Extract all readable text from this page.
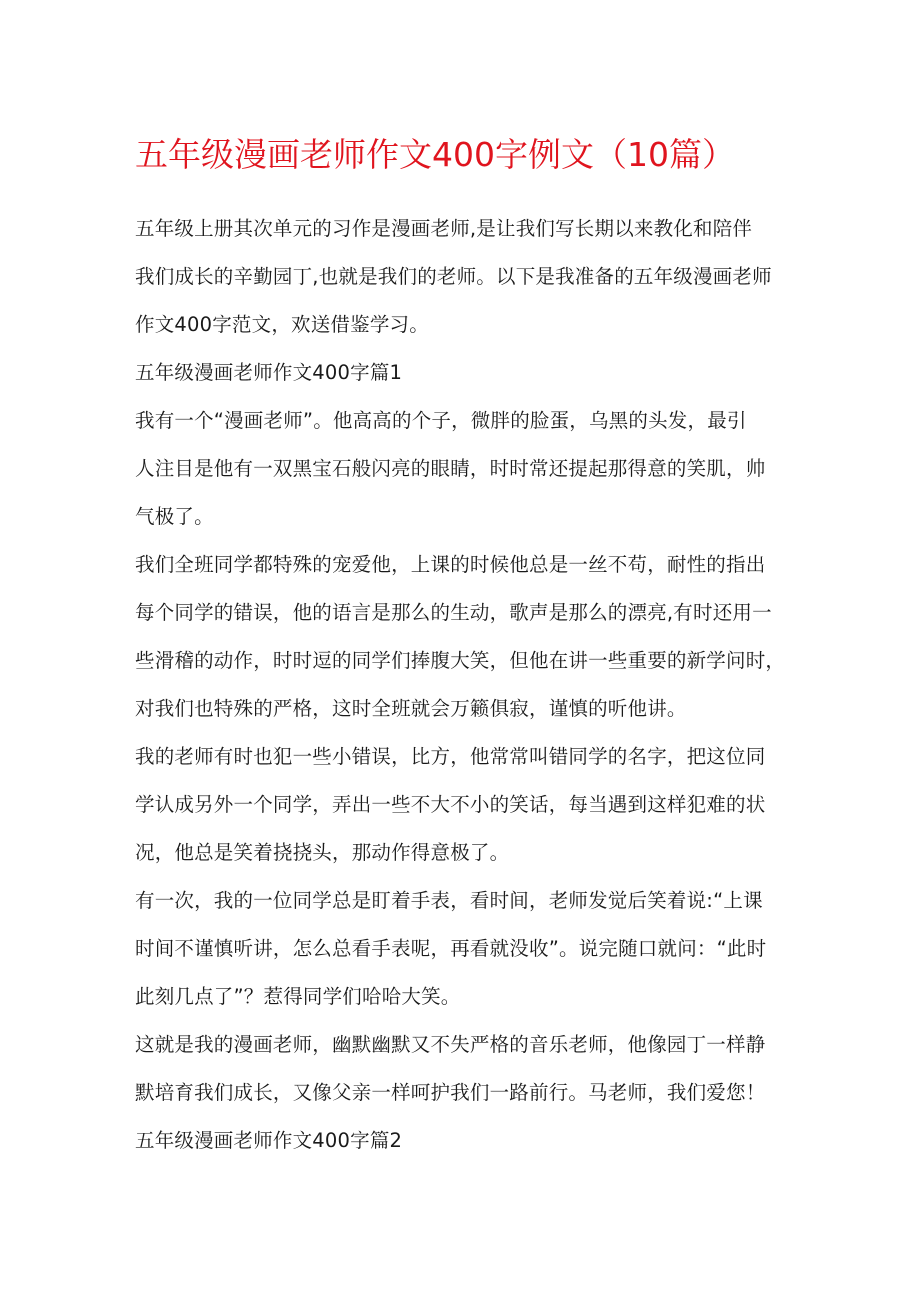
五年级漫画老师作文400字例文（10篇）
五年级上册其次单元的习作是漫画老师,是让我们写长期以来教化和陪伴
我们成长的辛勤园丁,也就是我们的老师。以下是我准备的五年级漫画老师
作文400字范文，欢送借鉴学习。
五年级漫画老师作文400字篇1
我有一个“漫画老师”。他高高的个子，微胖的脸蛋，乌黑的头发，最引
人注目是他有一双黑宝石般闪亮的眼睛，时时常还提起那得意的笑肌，帅
气极了。
我们全班同学都特殊的宠爱他，上课的时候他总是一丝不苟，耐性的指出
每个同学的错误，他的语言是那么的生动，歌声是那么的漂亮,有时还用一
些滑稽的动作，时时逗的同学们捧腹大笑，但他在讲一些重要的新学问时，
对我们也特殊的严格，这时全班就会万籁俱寂，谨慎的听他讲。
我的老师有时也犯一些小错误，比方，他常常叫错同学的名字，把这位同
学认成另外一个同学，弄出一些不大不小的笑话，每当遇到这样犯难的状
况，他总是笑着挠挠头，那动作得意极了。
有一次，我的一位同学总是盯着手表，看时间，老师发觉后笑着说:“上课
时间不谨慎听讲，怎么总看手表呢，再看就没收”。说完随口就问：“此时
此刻几点了”？惹得同学们哈哈大笑。
这就是我的漫画老师，幽默幽默又不失严格的音乐老师，他像园丁一样静
默培育我们成长，又像父亲一样呵护我们一路前行。马老师，我们爱您！
五年级漫画老师作文400字篇2
